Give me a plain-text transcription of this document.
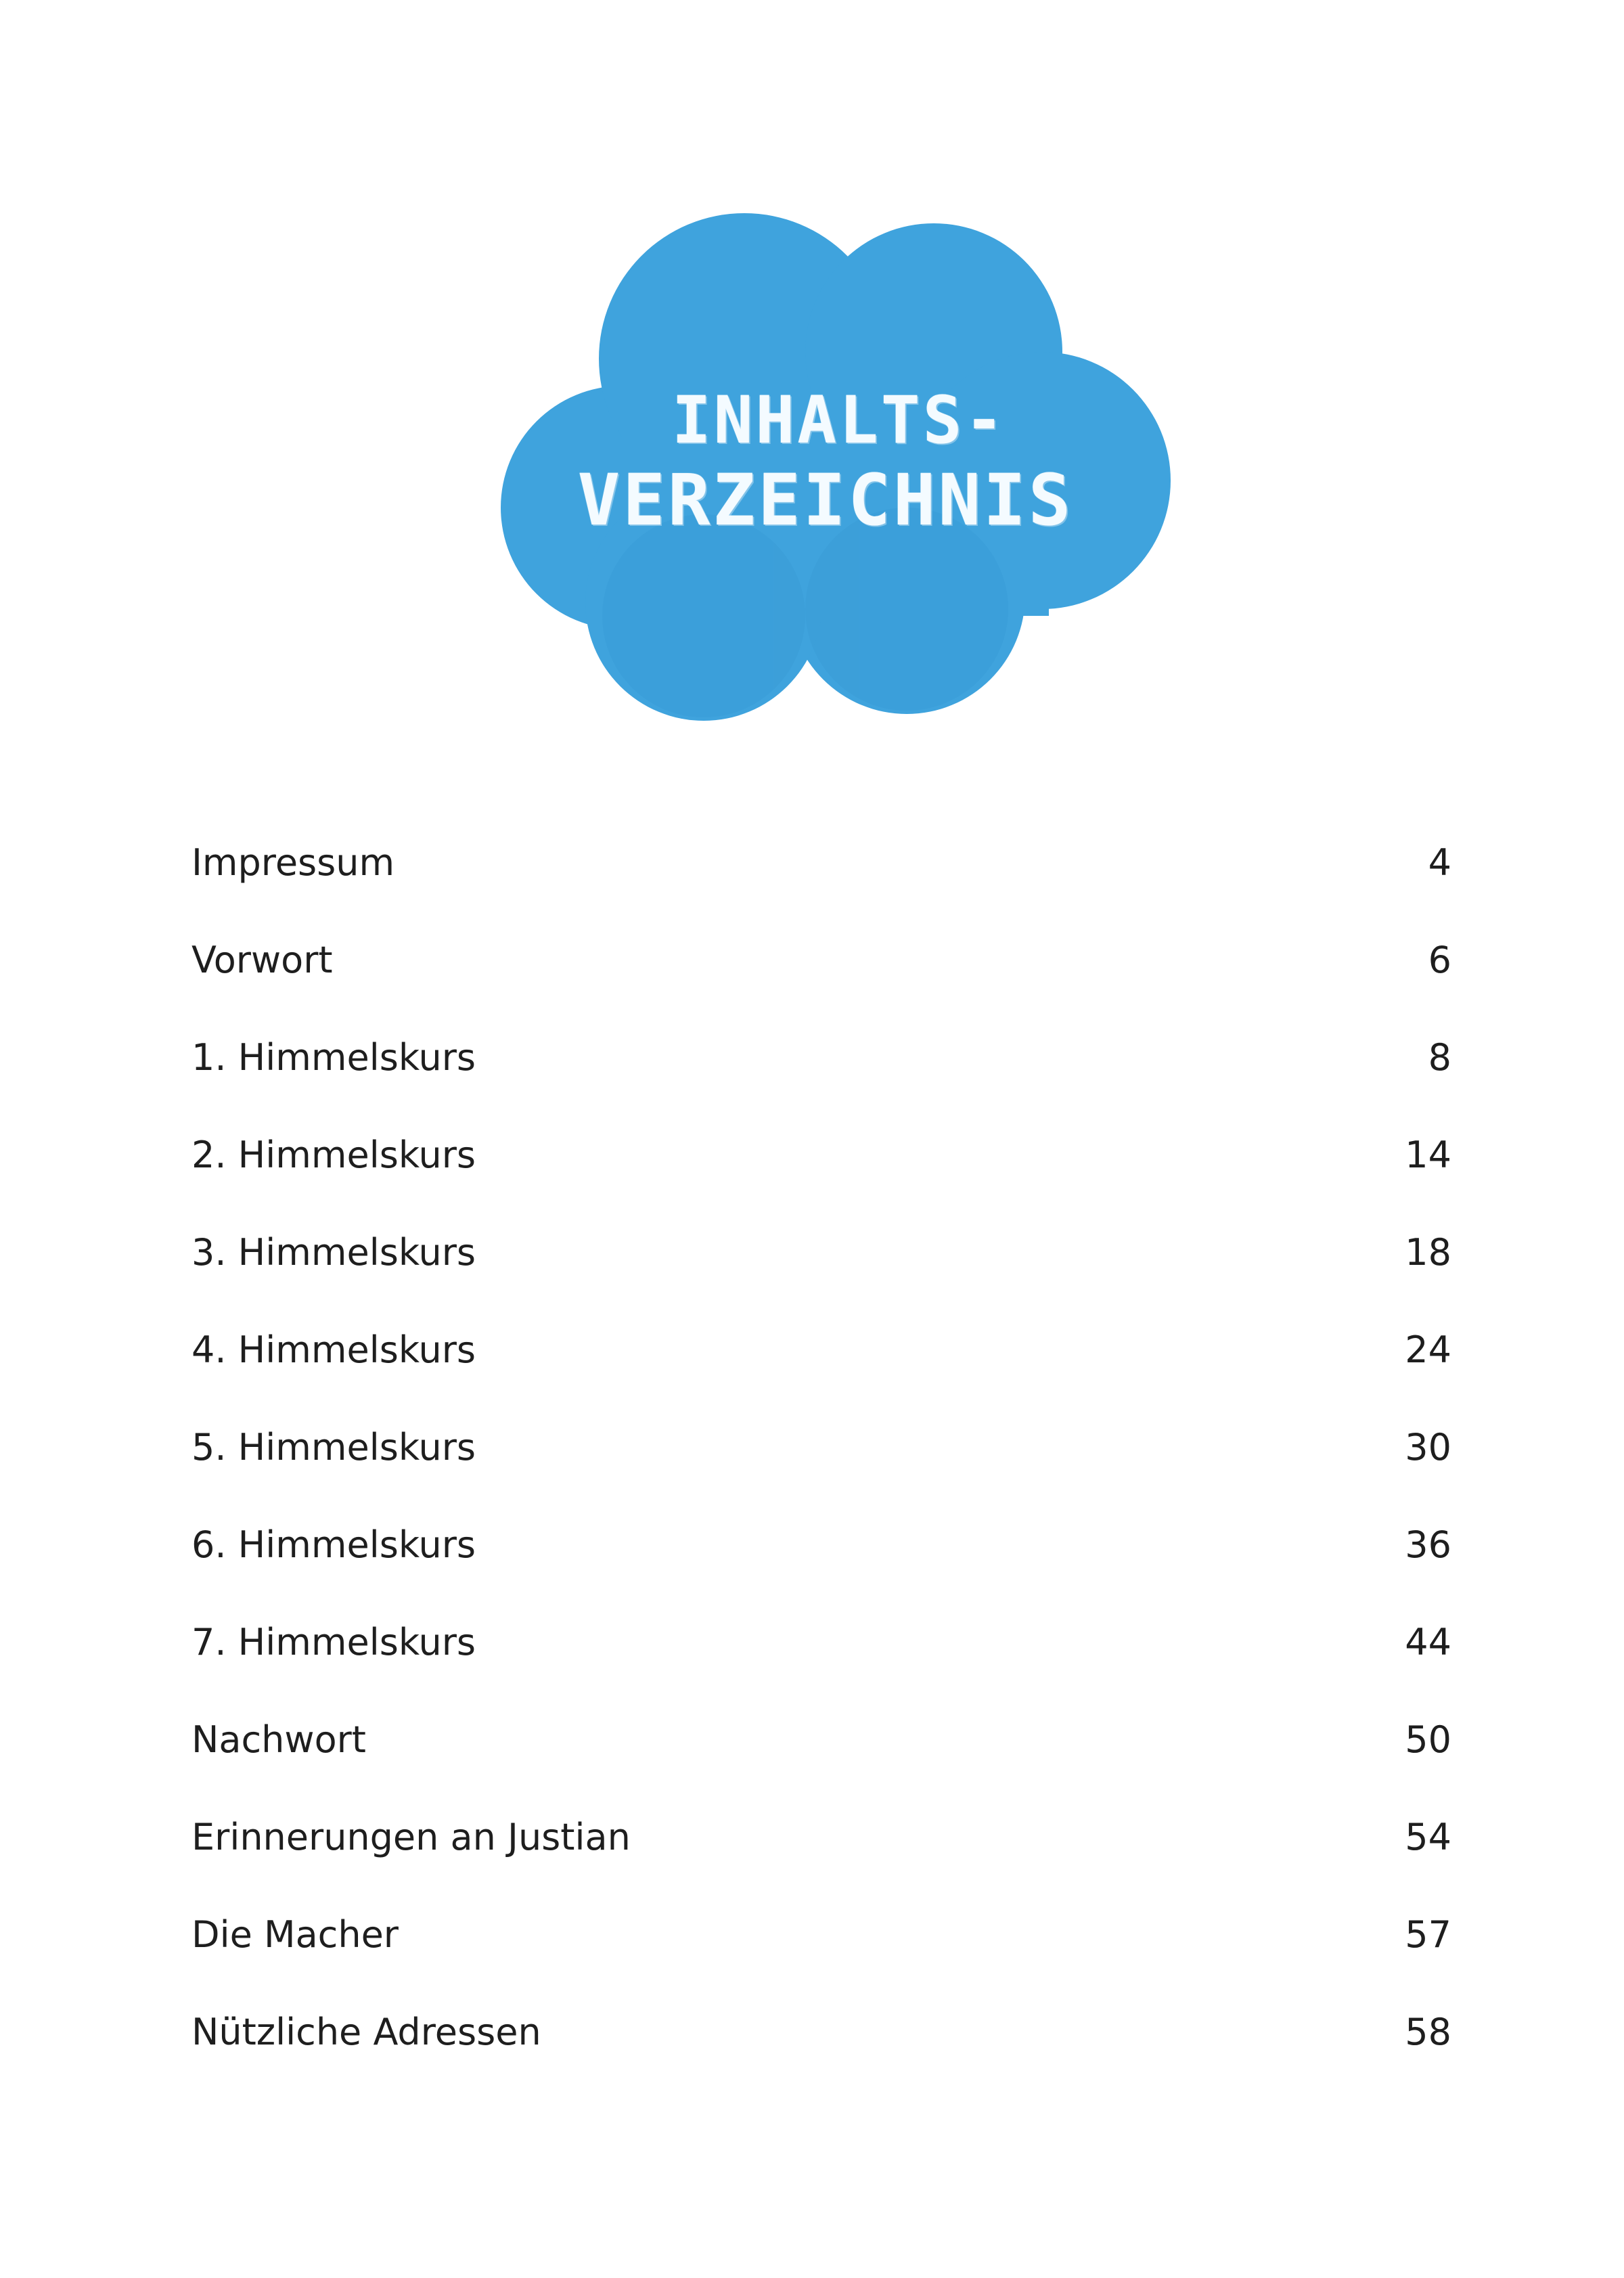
INHALTS-
VERZEICHNIS
Impressum	4
Vorwort	6
1. Himmelskurs	8
2. Himmelskurs	14
3. Himmelskurs	18
4. Himmelskurs	24
5. Himmelskurs	30
6. Himmelskurs	36
7. Himmelskurs	44
Nachwort	50
Erinnerungen an Justian	54
Die Macher	57
Nützliche Adressen	58
